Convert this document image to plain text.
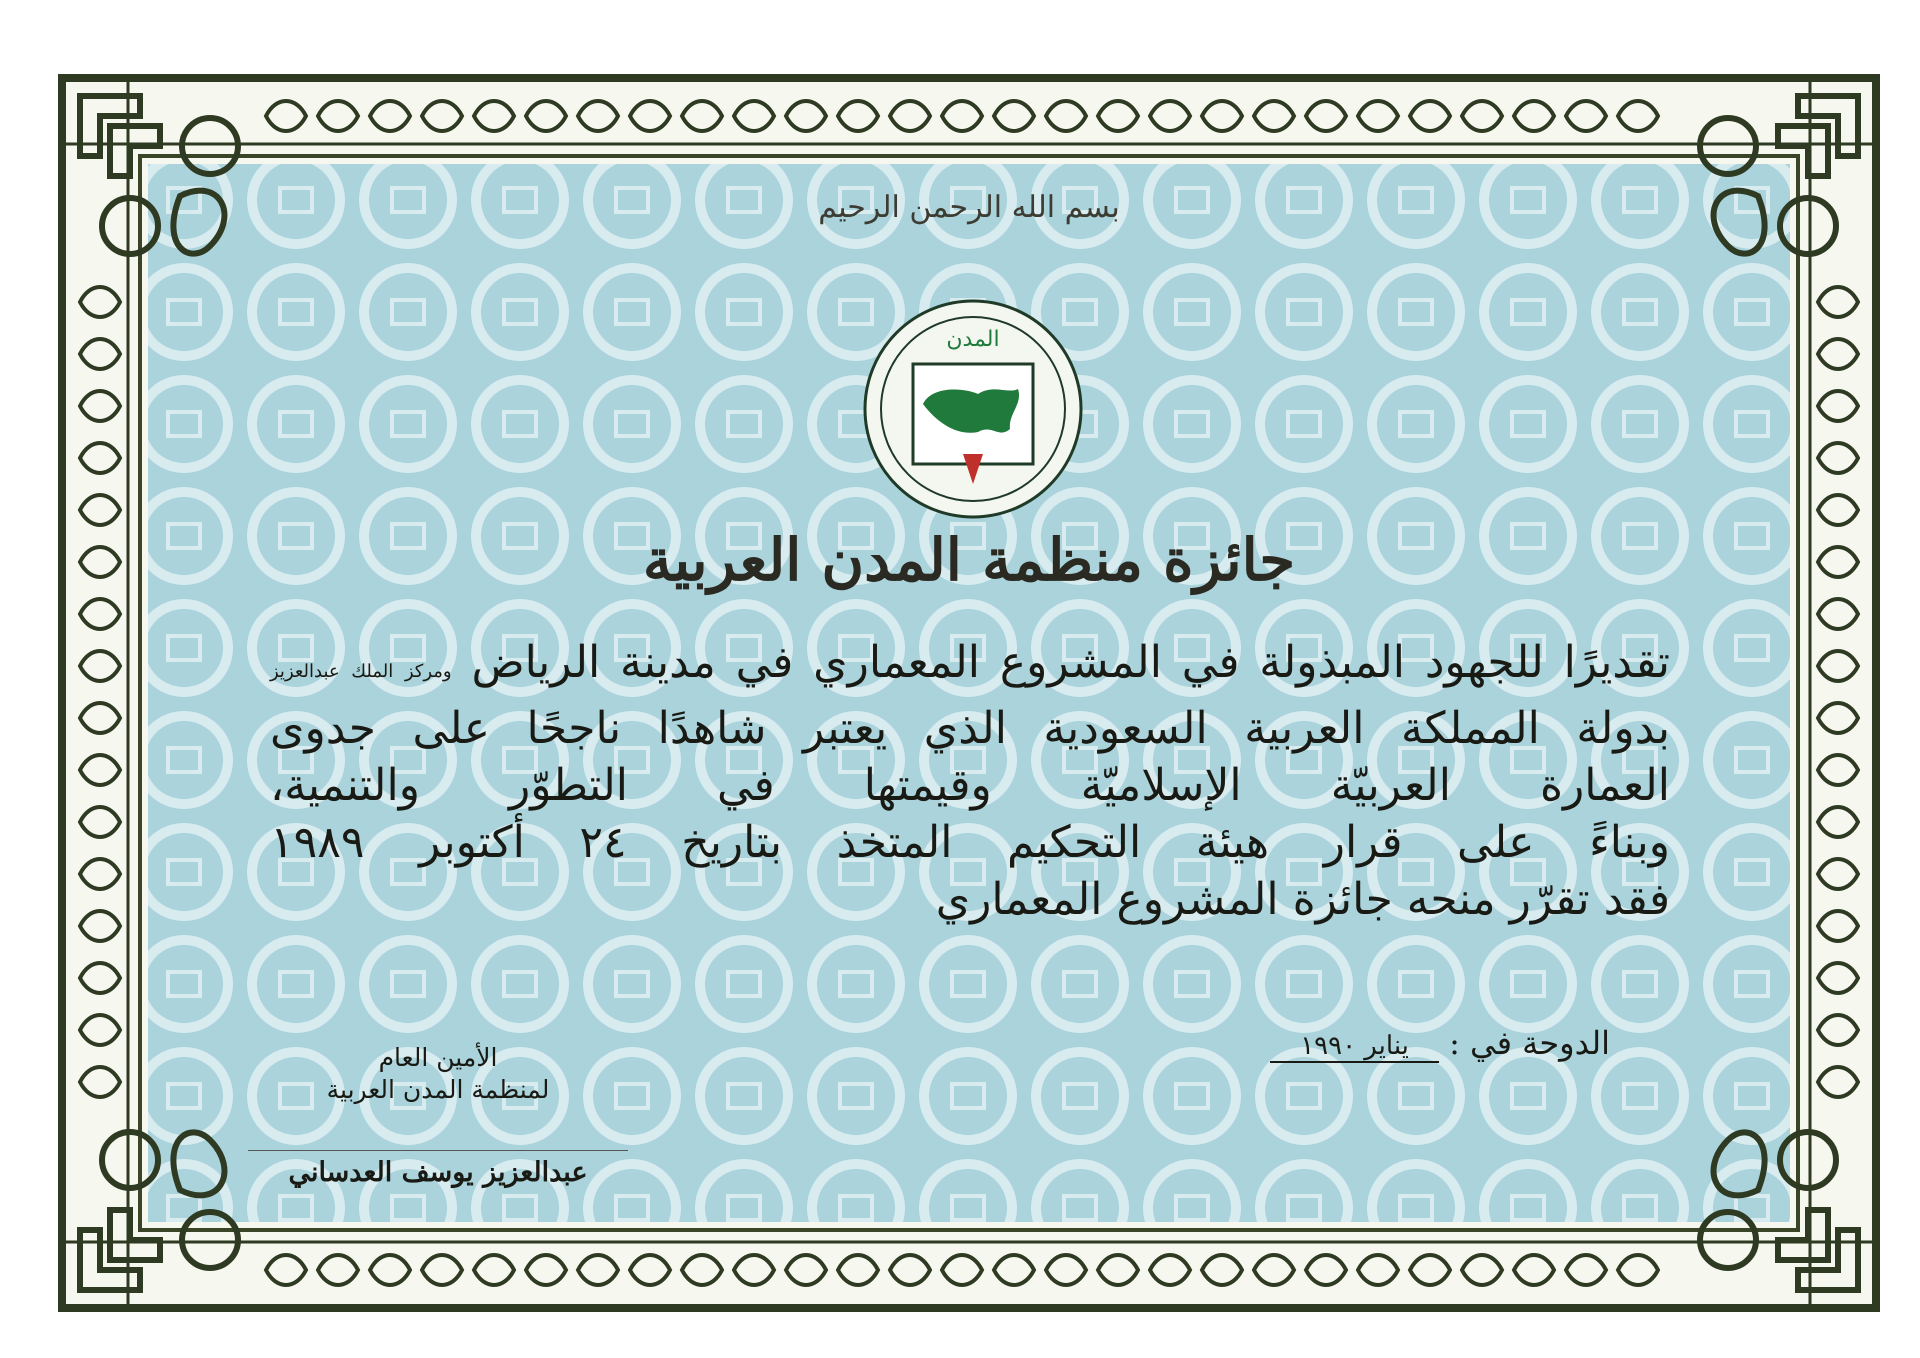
بسم الله الرحمن الرحيم
المدن
جائزة منظمة المدن العربية
تقديرًا للجهود المبذولة في المشروع المعماري في مدينة الرياض ومركز الملك عبدالعزيز
بدولة المملكة العربية السعودية الذي يعتبر شاهدًا ناجحًا على جدوى
العمارة العربيّة الإسلاميّة وقيمتها في التطوّر والتنمية،
وبناءً على قرار هيئة التحكيم المتخذ بتاريخ ٢٤ أكتوبر ١٩٨٩
فقد تقرّر منحه جائزة المشروع المعماري
الدوحة في : يناير ١٩٩٠
الأمين العام
لمنظمة المدن العربية
عبدالعزيز يوسف العدساني
